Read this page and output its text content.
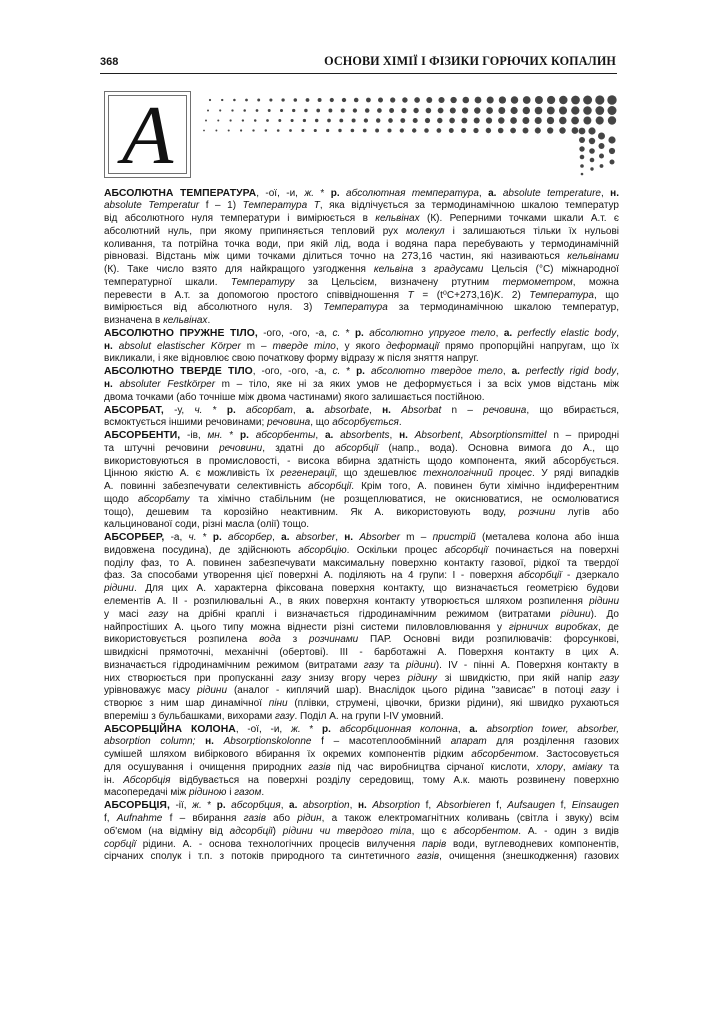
368	ОСНОВИ ХІМІЇ І ФІЗИКИ ГОРЮЧИХ КОПАЛИН
A
АБСОЛЮТНА ТЕМПЕРАТУРА, -ої, -и, ж. * р. абсолютная температура, а. absolute temperature, н.
absolute Temperatur f – 1) Температура T, яка відлічується за термодинамічною шкалою температур
від абсолютного нуля температури і вимірюється в кельвінах (К). Реперними точками шкали А.т. є
абсолютний нуль, при якому припиняється тепловий рух молекул і залишаються тільки їх нульові
коливання, та потрійна точка води, при якій лід, вода і водяна пара перебувають у термодинамічній
рівновазі. Відстань між цими точками ділиться точно на 273,16 частин, які називаються кельвінами
(К). Таке число взято для найкращого узгодження кельвіна з градусами Цельсія (°C) міжнародної
температурної шкали. Температуру за Цельсієм, визначену ртутним термометром, можна
перевести в А.т. за допомогою простого співвідношення T = (t⁰C+273,16)K. 2) Температура, що
вимірюється від абсолютного нуля. 3) Температура за термодинамічною шкалою температур,
визначена в кельвінах.
АБСОЛЮТНО ПРУЖНЕ ТІЛО, -ого, -ого, -а, с. * р. абсолютно упругое тело, а. perfectly elastic body,
н. absolut elastischer Körper m – тверде тіло, у якого деформації прямо пропорційні напругам, що їх
викликали, і яке відновлює свою початкову форму відразу ж після зняття напруг.
АБСОЛЮТНО ТВЕРДЕ ТІЛО, -ого, -ого, -а, с. * р. абсолютно твердое тело, а. perfectly rigid body,
н. absoluter Festkörper m – тіло, яке ні за яких умов не деформується і за всіх умов відстань між
двома точками (або точніше між двома частинами) якого залишається постійною.
АБСОРБАТ, -у, ч. * р. абсорбат, а. absorbate, н. Absorbat n – речовина, що вбирається,
всмоктується іншими речовинами; речовина, що абсорбується.
АБСОРБЕНТИ, -ів, мн. * р. абсорбенты, а. absorbents, н. Absorbent, Absorptionsmittel n – природні
та штучні речовини речовини, здатні до абсорбції (напр., вода). Основна вимога до А., що
використовуються в промисловості, - висока вбирна здатність щодо компонента, який абсорбується.
Цінною якістю А. є можливість їх регенерації, що здешевлює технологічний процес. У ряді випадків
А. повинні забезпечувати селективність абсорбції. Крім того, А. повинен бути хімічно індиферентним
щодо абсорбату та хімічно стабільним (не розщеплюватися, не окиснюватися, не осмолюватися
тощо), дешевим та корозійно неактивним. Як А. використовують воду, розчини лугів або
кальцинованої соди, різні масла (олії) тощо.
АБСОРБЕР, -а, ч. * р. абсорбер, а. absorber, н. Absorber m – пристрій (металева колона або інша
видовжена посудина), де здійснюють абсорбцію. Оскільки процес абсорбції починається на поверхні
поділу фаз, то А. повинен забезпечувати максимальну поверхню контакту газової, рідкої та твердої
фаз. За способами утворення цієї поверхні А. поділяють на 4 групи: І - поверхня абсорбції - дзеркало
рідини. Для цих А. характерна фіксована поверхня контакту, що визначається геометрією будови
елементів А. II - розпилювальні А., в яких поверхня контакту утворюється шляхом розпилення рідини
у масі газу на дрібні краплі і визначається гідродинамічним режимом (витратами рідини). До
найпростіших А. цього типу можна віднести різні системи пиловловлювання у гірничих виробках, де
використовується розпилена вода з розчинами ПАР. Основні види розпилювачів: форсункові,
швидкісні прямоточні, механічні (обертові). III - барботажні А. Поверхня контакту в цих А.
визначається гідродинамічним режимом (витратами газу та рідини). IV - пінні А. Поверхня контакту в
них створюється при пропусканні газу знизу вгору через рідину зі швидкістю, при якій напір газу
урівноважує масу рідини (аналог - киплячий шар). Внаслідок цього рідина "зависає" в потоці газу і
створює з ним шар динамічної піни (плівки, струмені, цівочки, бризки рідини), які швидко рухаються
впереміш з бульбашками, вихорами газу. Поділ А. на групи I-IV умовний.
АБСОРБЦІЙНА КОЛОНА, -ої, -и, ж. * р. абсорбционная колонна, а. absorption tower, absorber,
absorption column; н. Absorptionskolonne f – масотеплообмінний апарат для розділення газових
сумішей шляхом вибіркового вбирання їх окремих компонентів рідким абсорбентом. Застосовується
для осушування і очищення природних газів під час виробництва сірчаної кислоти, хлору, аміаку та
ін. Абсорбція відбувається на поверхні розділу середовищ, тому А.к. мають розвинену поверхню
масопередачі між рідиною і газом.
АБСОРБЦІЯ, -ії, ж. * р. абсорбция, а. absorption, н. Absorption f, Absorbieren f, Aufsaugen f, Einsaugen
f, Aufnahme f – вбирання газів або рідин, а також електромагнітних коливань (світла і звуку) всім
об'ємом (на відміну від адсорбції) рідини чи твердого тіла, що є абсорбентом. А. - один з видів
сорбції рідини. А. - основа технологічних процесів вилучення парів води, вуглеводневих компонентів,
сірчаних сполук і т.п. з потоків природного та синтетичного газів, очищення (знешкодження) газових
